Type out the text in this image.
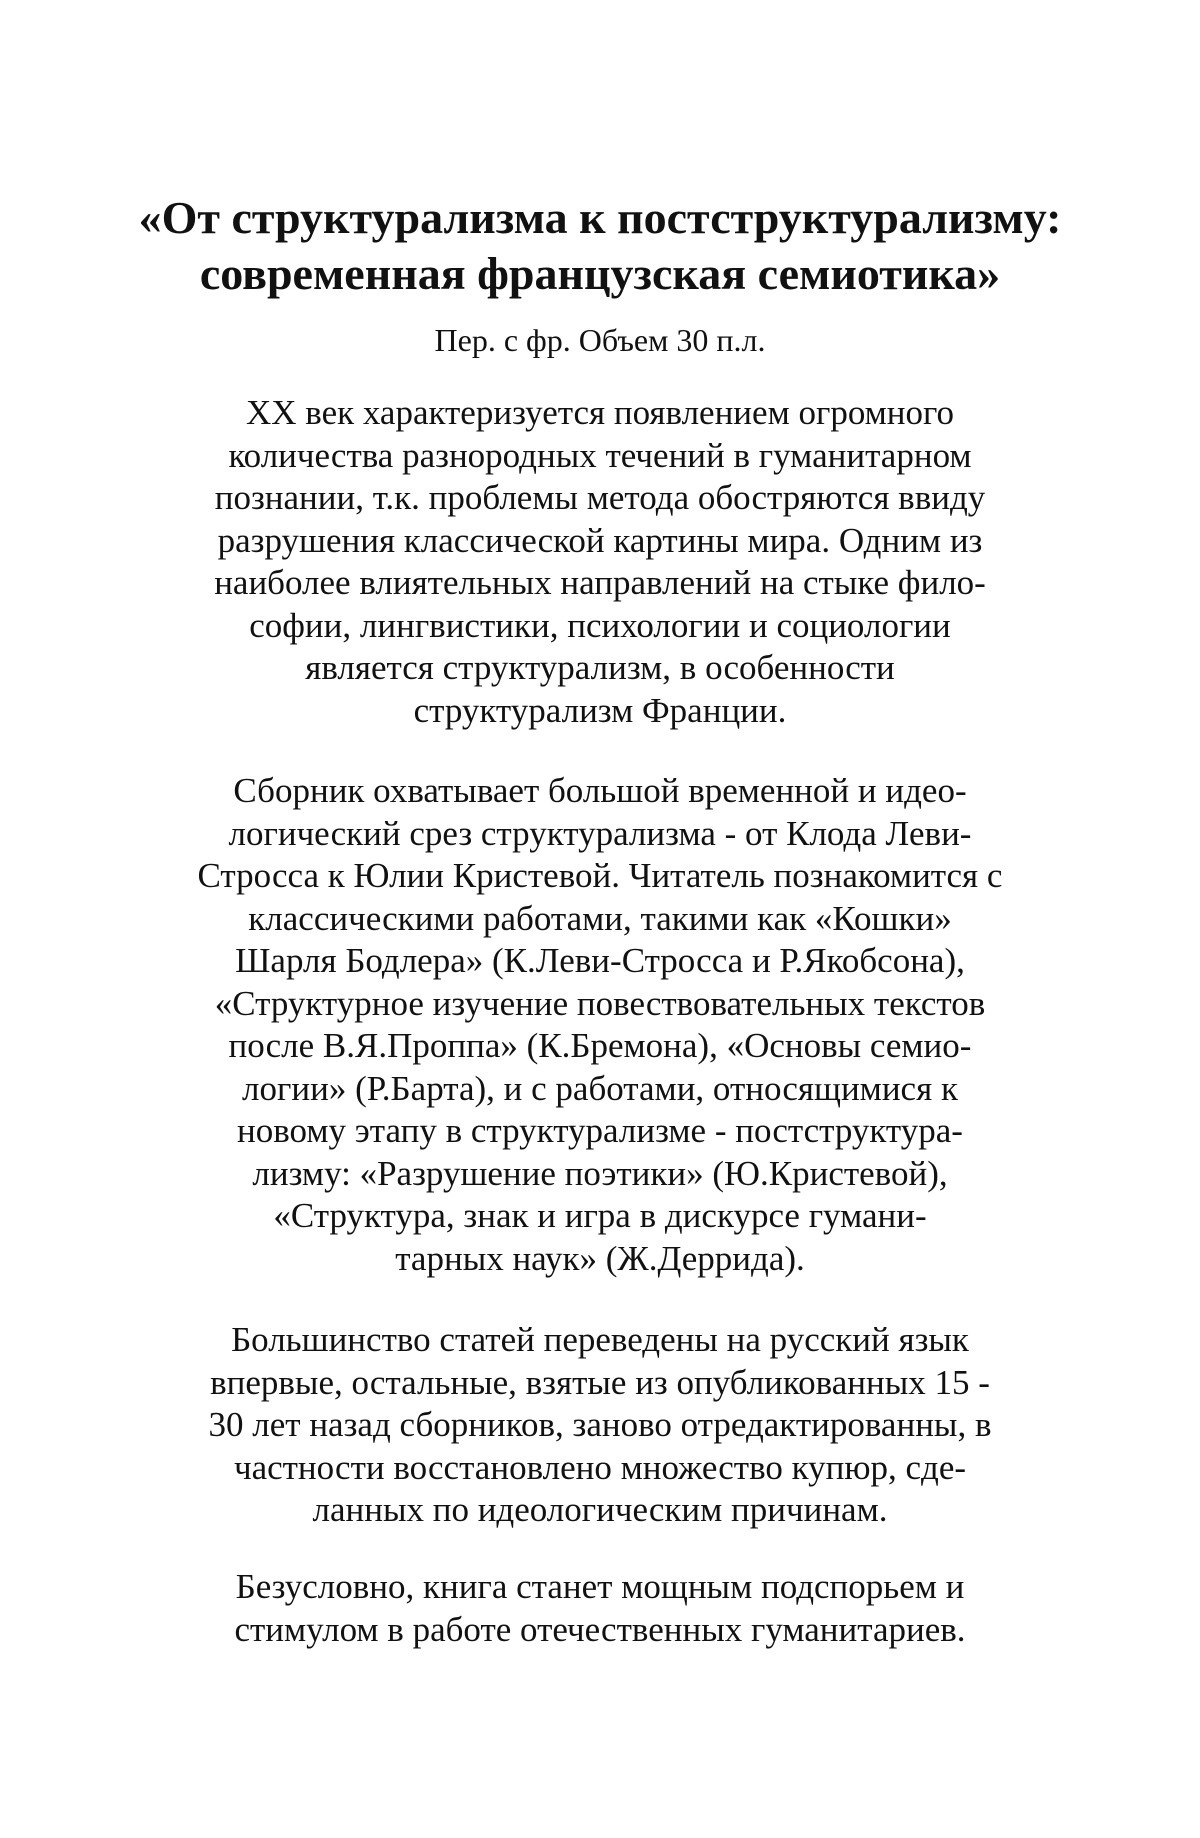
«От структурализма к постструктурализму:
современная французская семиотика»

Пер. с фр. Объем 30 п.л.

XX век характеризуется появлением огромного
количества разнородных течений в гуманитарном
познании, т.к. проблемы метода обостряются ввиду
разрушения классической картины мира. Одним из
наиболее влиятельных направлений на стыке фило-
софии, лингвистики, психологии и социологии
является структурализм, в особенности
структурализм Франции.

Сборник охватывает большой временной и идео-
логический срез структурализма - от Клода Леви-
Стросса к Юлии Кристевой. Читатель познакомится с
классическими работами, такими как «Кошки»
Шарля Бодлера» (К.Леви-Стросса и Р.Якобсона),
«Структурное изучение повествовательных текстов
после В.Я.Проппа» (К.Бремона), «Основы семио-
логии» (Р.Барта), и с работами, относящимися к
новому этапу в структурализме - постструктура-
лизму: «Разрушение поэтики» (Ю.Кристевой),
«Структура, знак и игра в дискурсе гумани-
тарных наук» (Ж.Деррида).

Большинство статей переведены на русский язык
впервые, остальные, взятые из опубликованных 15 -
30 лет назад сборников, заново отредактированны, в
частности восстановлено множество купюр, сде-
ланных по идеологическим причинам.

Безусловно, книга станет мощным подспорьем и
стимулом в работе отечественных гуманитариев.
